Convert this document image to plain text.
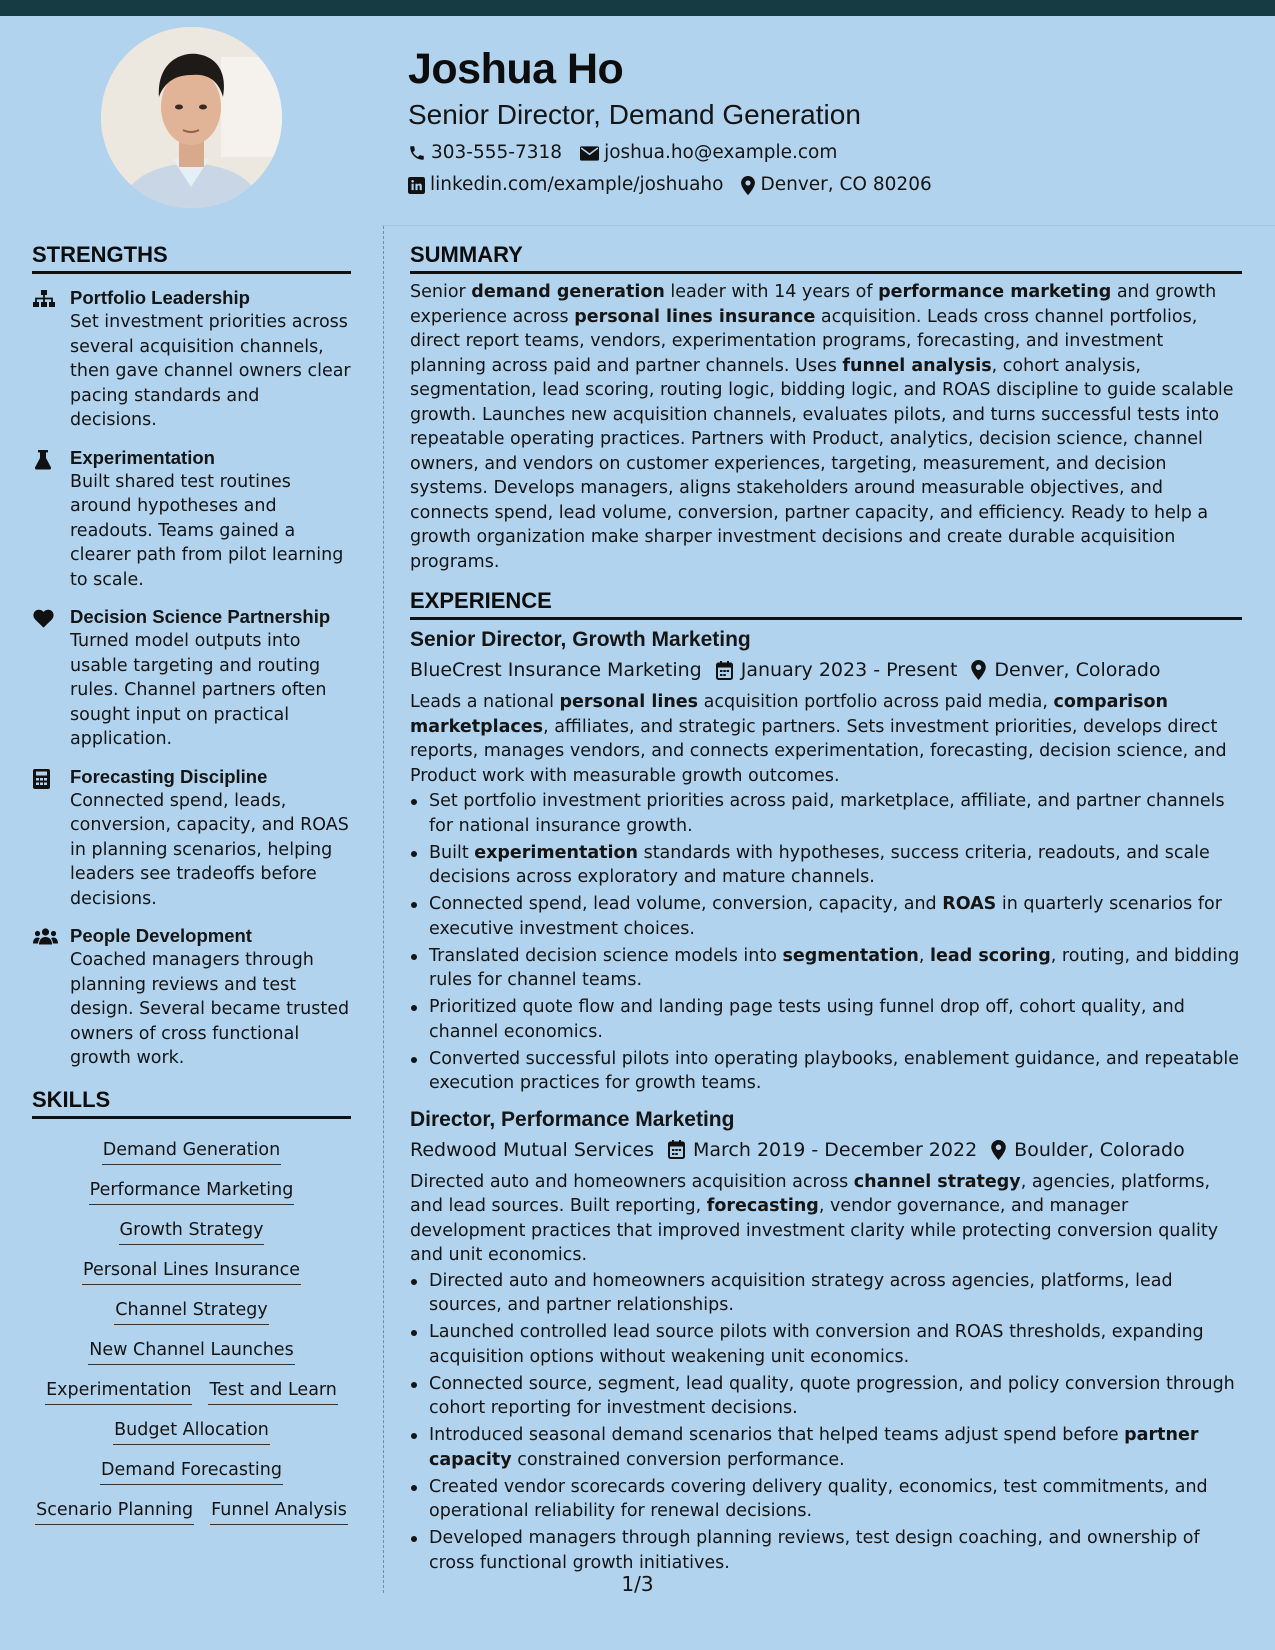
Joshua Ho
Senior Director, Demand Generation
303-555-7318 joshua.ho@example.com
linkedin.com/example/joshuaho Denver, CO 80206
STRENGTHS
Portfolio Leadership
Set investment priorities across several acquisition channels, then gave channel owners clear pacing standards and decisions.
Experimentation
Built shared test routines around hypotheses and readouts. Teams gained a clearer path from pilot learning to scale.
Decision Science Partnership
Turned model outputs into usable targeting and routing rules. Channel partners often sought input on practical application.
Forecasting Discipline
Connected spend, leads, conversion, capacity, and ROAS in planning scenarios, helping leaders see tradeoffs before decisions.
People Development
Coached managers through planning reviews and test design. Several became trusted owners of cross functional growth work.
SKILLS
Demand Generation
Performance Marketing
Growth Strategy
Personal Lines Insurance
Channel Strategy
New Channel Launches
Experimentation Test and Learn
Budget Allocation
Demand Forecasting
Scenario Planning Funnel Analysis
SUMMARY
Senior demand generation leader with 14 years of performance marketing and growth experience across personal lines insurance acquisition. Leads cross channel portfolios, direct report teams, vendors, experimentation programs, forecasting, and investment planning across paid and partner channels. Uses funnel analysis, cohort analysis, segmentation, lead scoring, routing logic, bidding logic, and ROAS discipline to guide scalable growth. Launches new acquisition channels, evaluates pilots, and turns successful tests into repeatable operating practices. Partners with Product, analytics, decision science, channel owners, and vendors on customer experiences, targeting, measurement, and decision systems. Develops managers, aligns stakeholders around measurable objectives, and connects spend, lead volume, conversion, partner capacity, and efficiency. Ready to help a growth organization make sharper investment decisions and create durable acquisition programs.
EXPERIENCE
Senior Director, Growth Marketing
BlueCrest Insurance Marketing January 2023 - Present Denver, Colorado
Leads a national personal lines acquisition portfolio across paid media, comparison marketplaces, affiliates, and strategic partners. Sets investment priorities, develops direct reports, manages vendors, and connects experimentation, forecasting, decision science, and Product work with measurable growth outcomes.
Set portfolio investment priorities across paid, marketplace, affiliate, and partner channels for national insurance growth.
Built experimentation standards with hypotheses, success criteria, readouts, and scale decisions across exploratory and mature channels.
Connected spend, lead volume, conversion, capacity, and ROAS in quarterly scenarios for executive investment choices.
Translated decision science models into segmentation, lead scoring, routing, and bidding rules for channel teams.
Prioritized quote flow and landing page tests using funnel drop off, cohort quality, and channel economics.
Converted successful pilots into operating playbooks, enablement guidance, and repeatable execution practices for growth teams.
Director, Performance Marketing
Redwood Mutual Services March 2019 - December 2022 Boulder, Colorado
Directed auto and homeowners acquisition across channel strategy, agencies, platforms, and lead sources. Built reporting, forecasting, vendor governance, and manager development practices that improved investment clarity while protecting conversion quality and unit economics.
Directed auto and homeowners acquisition strategy across agencies, platforms, lead sources, and partner relationships.
Launched controlled lead source pilots with conversion and ROAS thresholds, expanding acquisition options without weakening unit economics.
Connected source, segment, lead quality, quote progression, and policy conversion through cohort reporting for investment decisions.
Introduced seasonal demand scenarios that helped teams adjust spend before partner capacity constrained conversion performance.
Created vendor scorecards covering delivery quality, economics, test commitments, and operational reliability for renewal decisions.
Developed managers through planning reviews, test design coaching, and ownership of cross functional growth initiatives.
1/3
